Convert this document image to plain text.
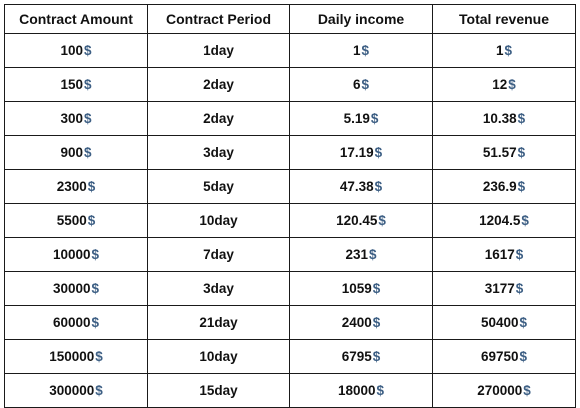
Contract Amount	Contract Period	Daily income	Total revenue
100$	1day	1$	1$
150$	2day	6$	12$
300$	2day	5.19$	10.38$
900$	3day	17.19$	51.57$
2300$	5day	47.38$	236.9$
5500$	10day	120.45$	1204.5$
10000$	7day	231$	1617$
30000$	3day	1059$	3177$
60000$	21day	2400$	50400$
150000$	10day	6795$	69750$
300000$	15day	18000$	270000$
